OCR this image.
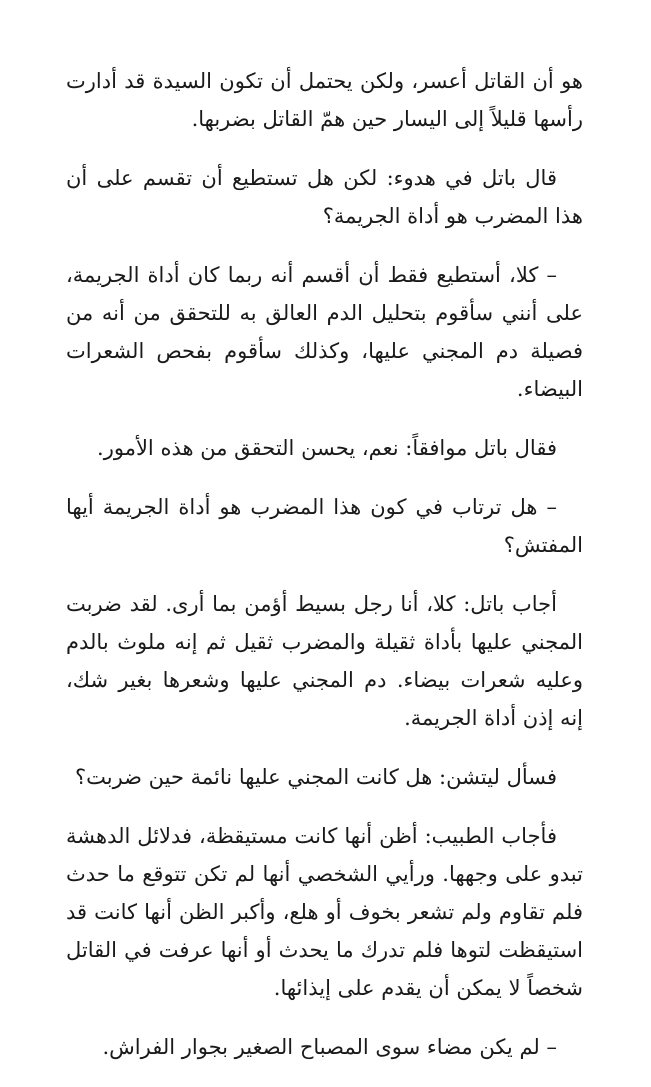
هو أن القاتل أعسر، ولكن يحتمل أن تكون السيدة قد أدارت رأسها قليلاً إلى اليسار حين همّ القاتل بضربها.

قال باتل في هدوء: لكن هل تستطيع أن تقسم على أن هذا المضرب هو أداة الجريمة؟

– كلا، أستطيع فقط أن أقسم أنه ربما كان أداة الجريمة، على أنني سأقوم بتحليل الدم العالق به للتحقق من أنه من فصيلة دم المجني عليها، وكذلك سأقوم بفحص الشعرات البيضاء.

فقال باتل موافقاً: نعم، يحسن التحقق من هذه الأمور.

– هل ترتاب في كون هذا المضرب هو أداة الجريمة أيها المفتش؟

أجاب باتل: كلا، أنا رجل بسيط أؤمن بما أرى. لقد ضربت المجني عليها بأداة ثقيلة والمضرب ثقيل ثم إنه ملوث بالدم وعليه شعرات بيضاء. دم المجني عليها وشعرها بغير شك، إنه إذن أداة الجريمة.

فسأل ليتشن: هل كانت المجني عليها نائمة حين ضربت؟

فأجاب الطبيب: أظن أنها كانت مستيقظة، فدلائل الدهشة تبدو على وجهها. ورأيي الشخصي أنها لم تكن تتوقع ما حدث فلم تقاوم ولم تشعر بخوف أو هلع، وأكبر الظن أنها كانت قد استيقظت لتوها فلم تدرك ما يحدث أو أنها عرفت في القاتل شخصاً لا يمكن أن يقدم على إيذائها.

– لم يكن مضاء سوى المصباح الصغير بجوار الفراش.
